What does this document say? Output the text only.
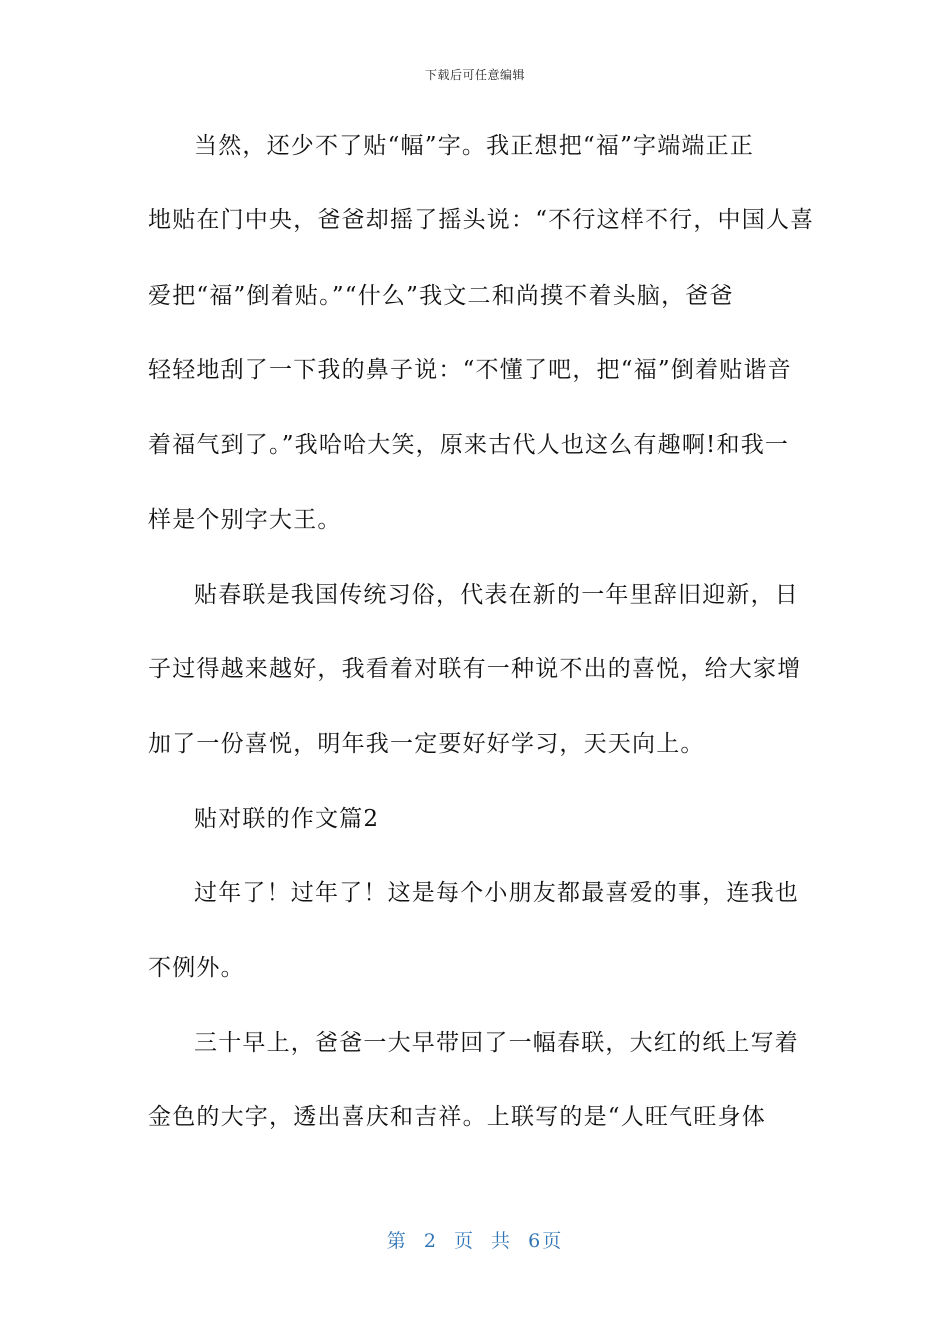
下载后可任意编辑
当然，还少不了贴“幅”字。我正想把“福”字端端正正
地贴在门中央，爸爸却摇了摇头说：“不行这样不行，中国人喜
爱把“福”倒着贴。”“什么”我文二和尚摸不着头脑，爸爸
轻轻地刮了一下我的鼻子说：“不懂了吧，把“福”倒着贴谐音
着福气到了。”我哈哈大笑，原来古代人也这么有趣啊!和我一
样是个别字大王。
贴春联是我国传统习俗，代表在新的一年里辞旧迎新，日
子过得越来越好，我看着对联有一种说不出的喜悦，给大家增
加了一份喜悦，明年我一定要好好学习，天天向上。
贴对联的作文篇2
过年了！过年了！这是每个小朋友都最喜爱的事，连我也
不例外。
三十早上，爸爸一大早带回了一幅春联，大红的纸上写着
金色的大字，透出喜庆和吉祥。上联写的是“人旺气旺身体
第 2 页 共 6页
